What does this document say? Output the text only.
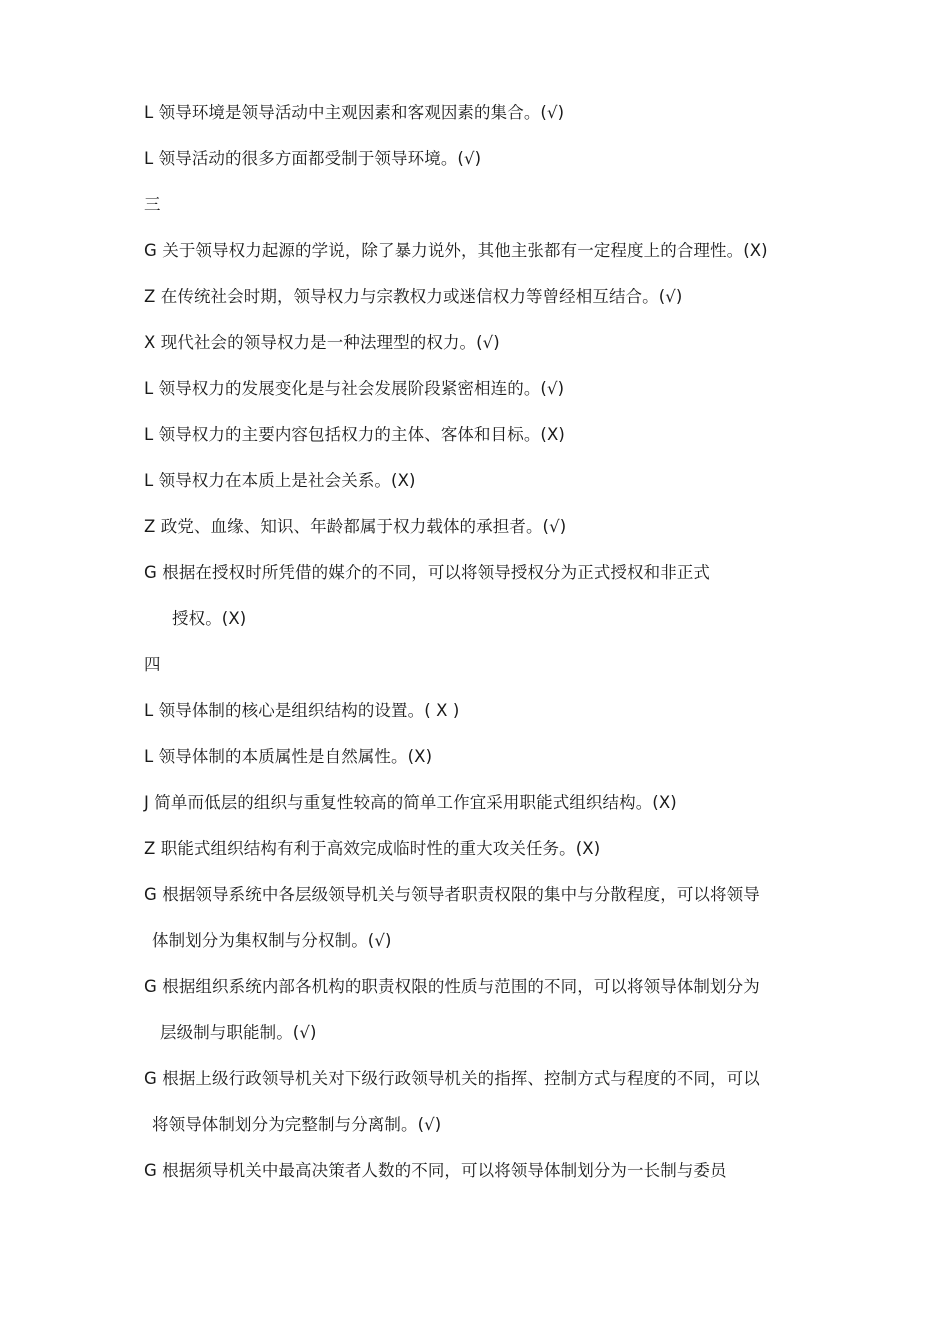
L 领导环境是领导活动中主观因素和客观因素的集合。(√)
L 领导活动的很多方面都受制于领导环境。(√)
三
G 关于领导权力起源的学说，除了暴力说外，其他主张都有一定程度上的合理性。(X)
Z 在传统社会时期，领导权力与宗教权力或迷信权力等曾经相互结合。(√)
X 现代社会的领导权力是一种法理型的权力。(√)
L 领导权力的发展变化是与社会发展阶段紧密相连的。(√)
L 领导权力的主要内容包括权力的主体、客体和目标。(X)
L 领导权力在本质上是社会关系。(X)
Z 政党、血缘、知识、年龄都属于权力载体的承担者。(√)
G 根据在授权时所凭借的媒介的不同，可以将领导授权分为正式授权和非正式
授权。(X)
四
L 领导体制的核心是组织结构的设置。( X )
L 领导体制的本质属性是自然属性。(X)
J 简单而低层的组织与重复性较高的简单工作宜采用职能式组织结构。(X)
Z 职能式组织结构有利于高效完成临时性的重大攻关任务。(X)
G 根据领导系统中各层级领导机关与领导者职责权限的集中与分散程度，可以将领导
体制划分为集权制与分权制。(√)
G 根据组织系统内部各机构的职责权限的性质与范围的不同，可以将领导体制划分为
层级制与职能制。(√)
G 根据上级行政领导机关对下级行政领导机关的指挥、控制方式与程度的不同，可以
将领导体制划分为完整制与分离制。(√)
G 根据须导机关中最高决策者人数的不同，可以将领导体制划分为一长制与委员
